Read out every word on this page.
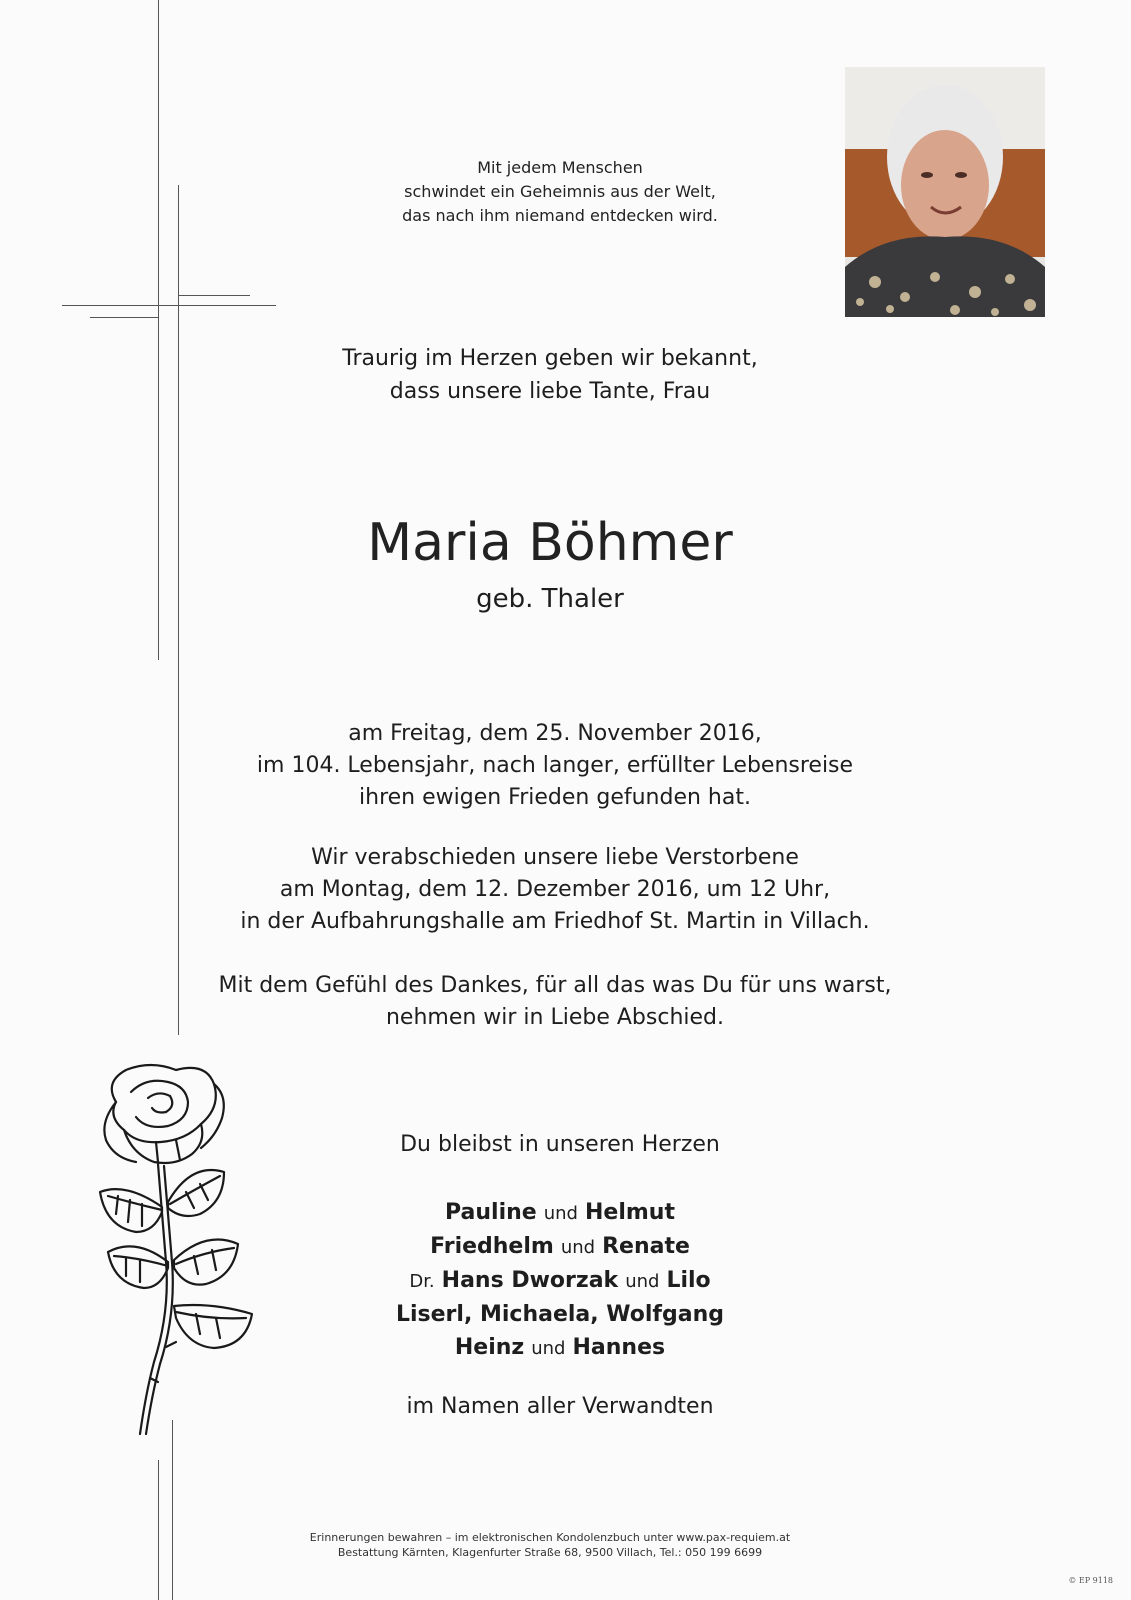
Mit jedem Menschen
schwindet ein Geheimnis aus der Welt,
das nach ihm niemand entdecken wird.
Traurig im Herzen geben wir bekannt,
dass unsere liebe Tante, Frau
Maria Böhmer
geb. Thaler
am Freitag, dem 25. November 2016,
im 104. Lebensjahr, nach langer, erfüllter Lebensreise
ihren ewigen Frieden gefunden hat.
Wir verabschieden unsere liebe Verstorbene
am Montag, dem 12. Dezember 2016, um 12 Uhr,
in der Aufbahrungshalle am Friedhof St. Martin in Villach.
Mit dem Gefühl des Dankes, für all das was Du für uns warst,
nehmen wir in Liebe Abschied.
Du bleibst in unseren Herzen
Pauline und Helmut
Friedhelm und Renate
Dr. Hans Dworzak und Lilo
Liserl, Michaela, Wolfgang
Heinz und Hannes
im Namen aller Verwandten
Erinnerungen bewahren – im elektronischen Kondolenzbuch unter www.pax-requiem.at
Bestattung Kärnten, Klagenfurter Straße 68, 9500 Villach, Tel.: 050 199 6699
© EP 9118
